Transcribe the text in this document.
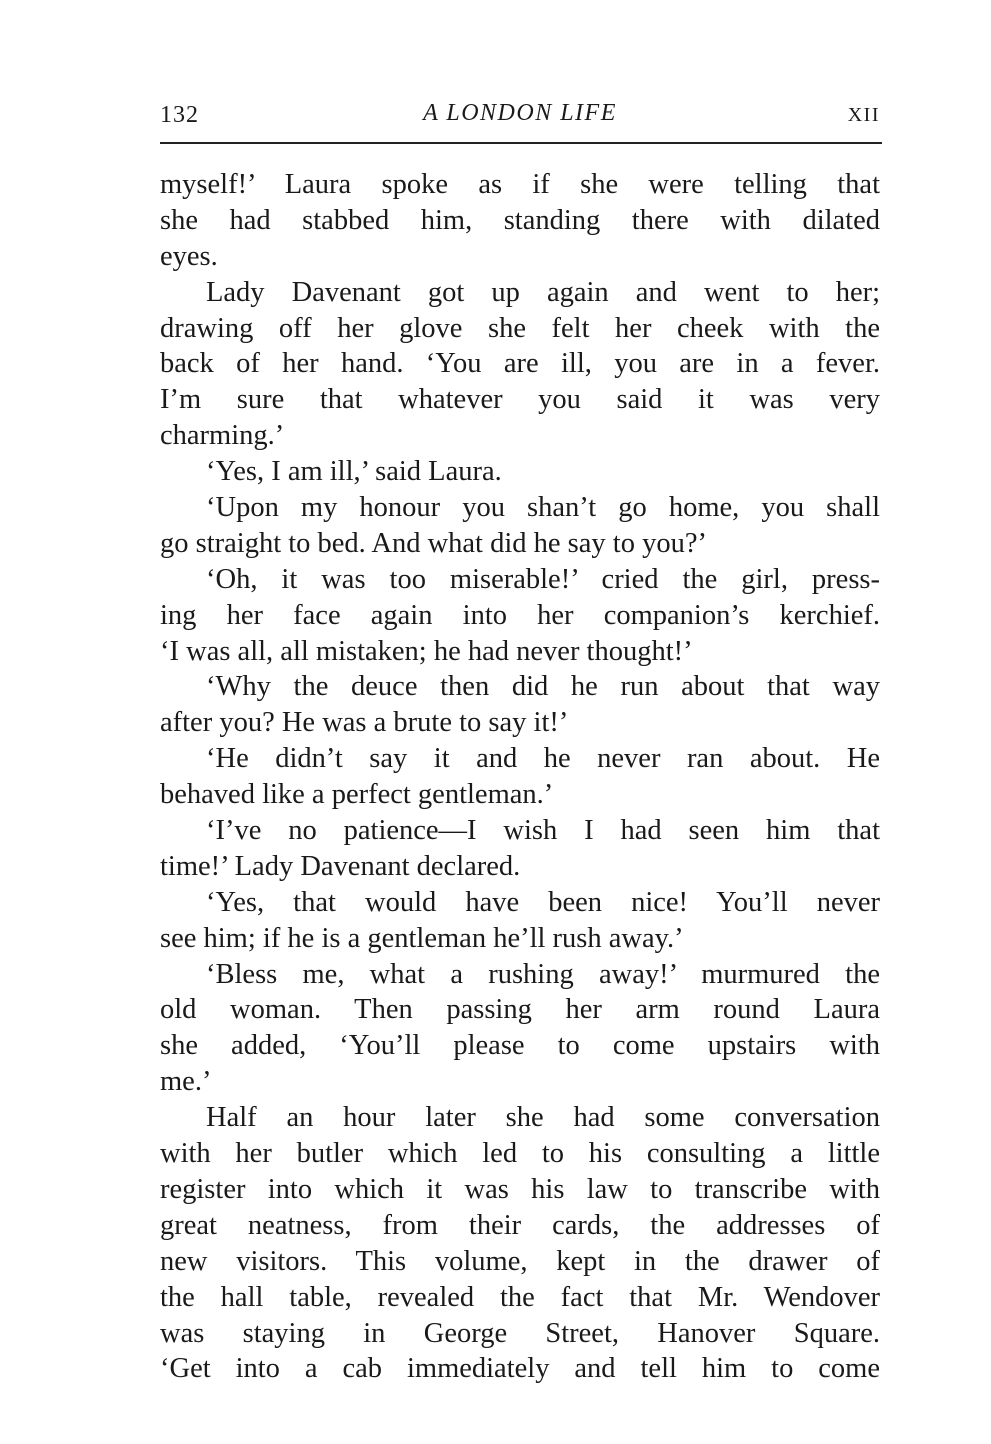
132	A LONDON LIFE	XII
myself!’ Laura spoke as if she were telling that
she had stabbed him, standing there with dilated
eyes.
Lady Davenant got up again and went to her;
drawing off her glove she felt her cheek with the
back of her hand. ‘You are ill, you are in a fever.
I’m sure that whatever you said it was very
charming.’
‘Yes, I am ill,’ said Laura.
‘Upon my honour you shan’t go home, you shall
go straight to bed. And what did he say to you?’
‘Oh, it was too miserable!’ cried the girl, press-
ing her face again into her companion’s kerchief.
‘I was all, all mistaken; he had never thought!’
‘Why the deuce then did he run about that way
after you? He was a brute to say it!’
‘He didn’t say it and he never ran about. He
behaved like a perfect gentleman.’
‘I’ve no patience—I wish I had seen him that
time!’ Lady Davenant declared.
‘Yes, that would have been nice! You’ll never
see him; if he is a gentleman he’ll rush away.’
‘Bless me, what a rushing away!’ murmured the
old woman. Then passing her arm round Laura
she added, ‘You’ll please to come upstairs with
me.’
Half an hour later she had some conversation
with her butler which led to his consulting a little
register into which it was his law to transcribe with
great neatness, from their cards, the addresses of
new visitors. This volume, kept in the drawer of
the hall table, revealed the fact that Mr. Wendover
was staying in George Street, Hanover Square.
‘Get into a cab immediately and tell him to come
